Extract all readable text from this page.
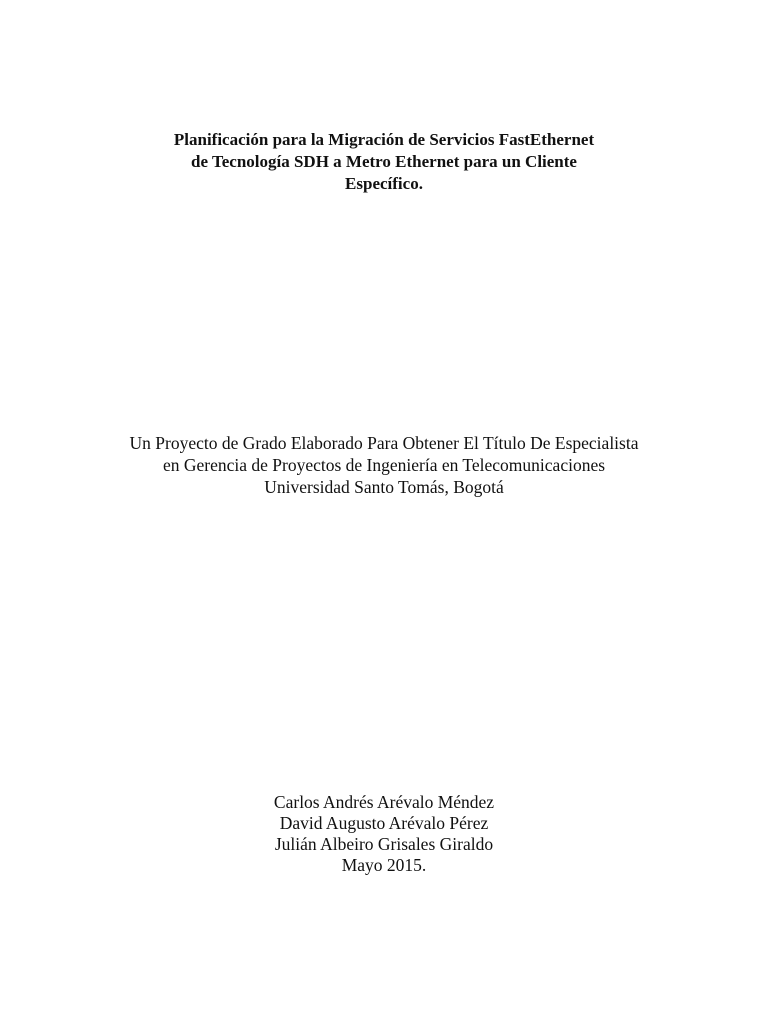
Planificación para la Migración de Servicios FastEthernet
de Tecnología SDH a Metro Ethernet para un Cliente
Específico.
Un Proyecto de Grado Elaborado Para Obtener El Título De Especialista
en Gerencia de Proyectos de Ingeniería en Telecomunicaciones
Universidad Santo Tomás, Bogotá
Carlos Andrés Arévalo Méndez
David Augusto Arévalo Pérez
Julián Albeiro Grisales Giraldo
Mayo 2015.
